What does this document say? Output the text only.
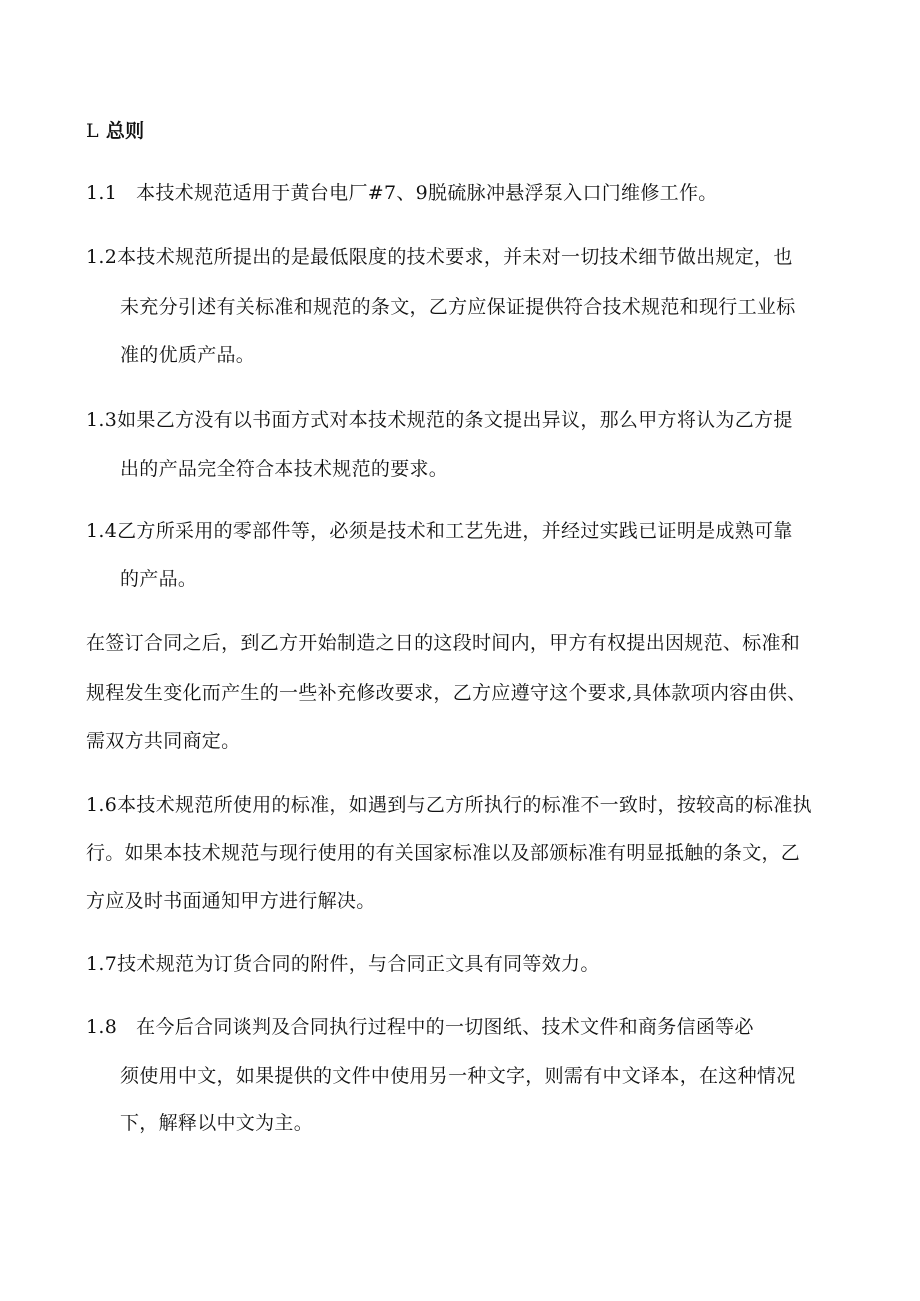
L 总则
1.1 本技术规范适用于黄台电厂#7、9脱硫脉冲悬浮泵入口门维修工作。
1.2本技术规范所提出的是最低限度的技术要求，并未对一切技术细节做出规定，也
未充分引述有关标准和规范的条文，乙方应保证提供符合技术规范和现行工业标
准的优质产品。
1.3如果乙方没有以书面方式对本技术规范的条文提出异议，那么甲方将认为乙方提
出的产品完全符合本技术规范的要求。
1.4乙方所采用的零部件等，必须是技术和工艺先进，并经过实践已证明是成熟可靠
的产品。
在签订合同之后，到乙方开始制造之日的这段时间内，甲方有权提出因规范、标准和
规程发生变化而产生的一些补充修改要求，乙方应遵守这个要求,具体款项内容由供、
需双方共同商定。
1.6本技术规范所使用的标准，如遇到与乙方所执行的标准不一致时，按较高的标准执
行。如果本技术规范与现行使用的有关国家标准以及部颁标准有明显抵触的条文，乙
方应及时书面通知甲方进行解决。
1.7技术规范为订货合同的附件，与合同正文具有同等效力。
1.8 在今后合同谈判及合同执行过程中的一切图纸、技术文件和商务信函等必
须使用中文，如果提供的文件中使用另一种文字，则需有中文译本，在这种情况
下，解释以中文为主。
